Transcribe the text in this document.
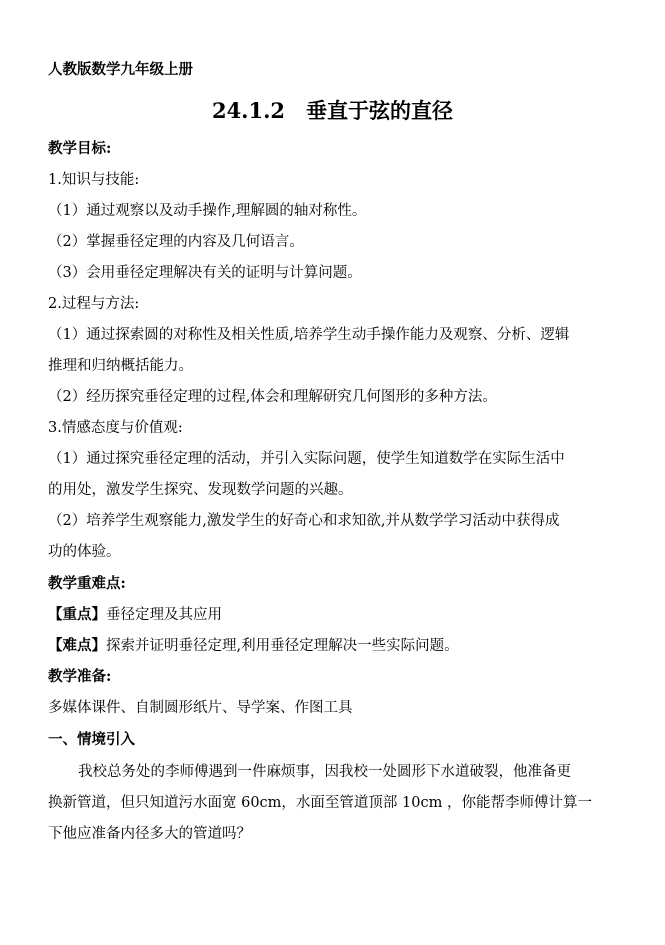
人教版数学九年级上册
24.1.2　垂直于弦的直径
教学目标:
1.知识与技能:
（1）通过观察以及动手操作,理解圆的轴对称性。
（2）掌握垂径定理的内容及几何语言。
（3）会用垂径定理解决有关的证明与计算问题。
2.过程与方法:
（1）通过探索圆的对称性及相关性质,培养学生动手操作能力及观察、分析、逻辑
推理和归纳概括能力。
（2）经历探究垂径定理的过程,体会和理解研究几何图形的多种方法。
3.情感态度与价值观:
（1）通过探究垂径定理的活动，并引入实际问题，使学生知道数学在实际生活中
的用处，激发学生探究、发现数学问题的兴趣。
（2）培养学生观察能力,激发学生的好奇心和求知欲,并从数学学习活动中获得成
功的体验。
教学重难点:
【重点】垂径定理及其应用
【难点】探索并证明垂径定理,利用垂径定理解决一些实际问题。
教学准备:
多媒体课件、自制圆形纸片、导学案、作图工具
一、情境引入
我校总务处的李师傅遇到一件麻烦事，因我校一处圆形下水道破裂，他准备更
换新管道，但只知道污水面宽 60cm，水面至管道顶部 10cm ，你能帮李师傅计算一
下他应准备内径多大的管道吗？
